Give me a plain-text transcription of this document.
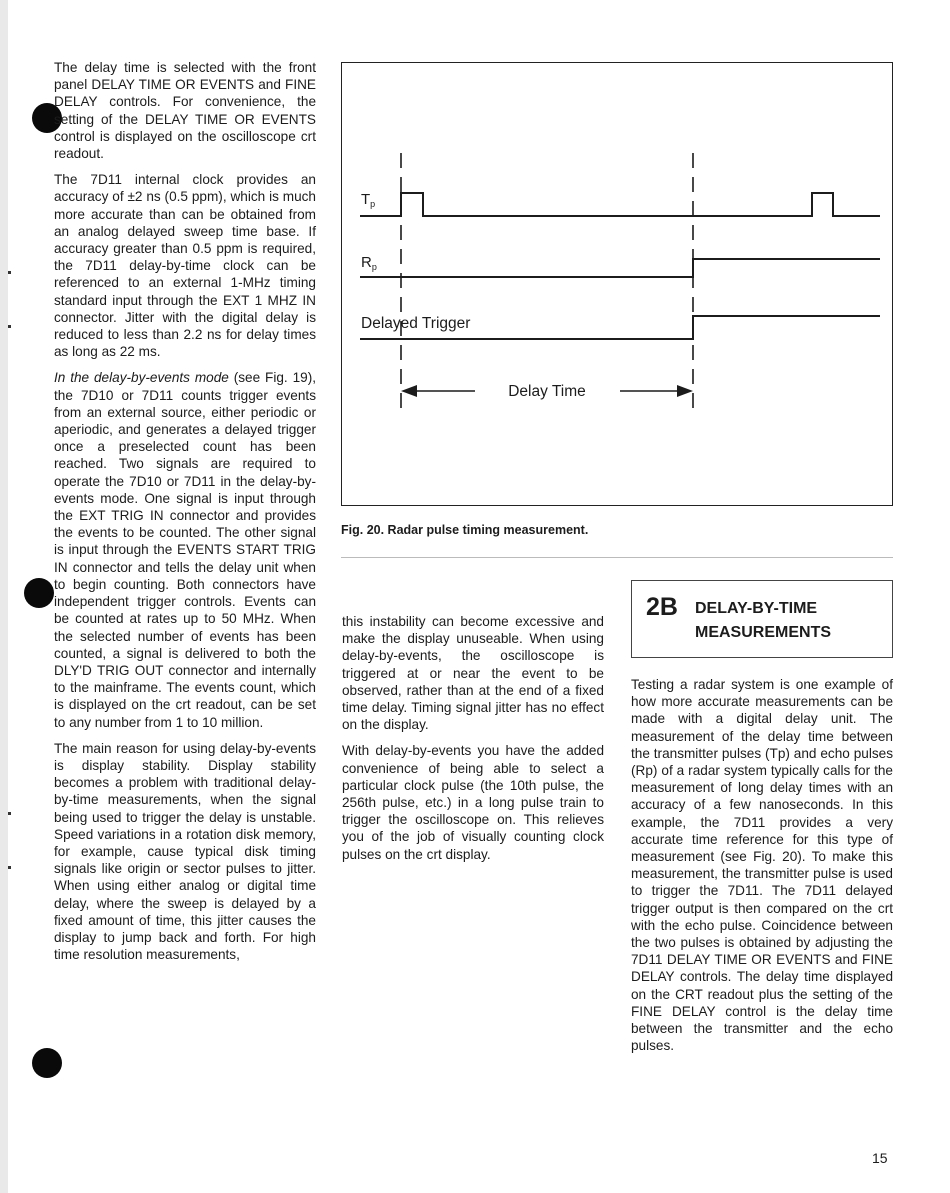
The delay time is selected with the front panel DELAY TIME OR EVENTS and FINE DELAY controls. For convenience, the setting of the DELAY TIME OR EVENTS control is displayed on the oscilloscope crt readout.

The 7D11 internal clock provides an accuracy of ±2 ns (0.5 ppm), which is much more accurate than can be obtained from an analog delayed sweep time base. If accuracy greater than 0.5 ppm is required, the 7D11 delay-by-time clock can be referenced to an external 1-MHz timing standard input through the EXT 1 MHZ IN connector. Jitter with the digital delay is reduced to less than 2.2 ns for delay times as long as 22 ms.

In the delay-by-events mode (see Fig. 19), the 7D10 or 7D11 counts trigger events from an external source, either periodic or aperiodic, and generates a delayed trigger once a preselected count has been reached. Two signals are required to operate the 7D10 or 7D11 in the delay-by-events mode. One signal is input through the EXT TRIG IN connector and provides the events to be counted. The other signal is input through the EVENTS START TRIG IN connector and tells the delay unit when to begin counting. Both connectors have independent trigger controls. Events can be counted at rates up to 50 MHz. When the selected number of events has been counted, a signal is delivered to both the DLY'D TRIG OUT connector and internally to the mainframe. The events count, which is displayed on the crt readout, can be set to any number from 1 to 10 million.

The main reason for using delay-by-events is display stability. Display stability becomes a problem with traditional delay-by-time measurements, when the signal being used to trigger the delay is unstable. Speed variations in a rotation disk memory, for example, cause typical disk timing signals like origin or sector pulses to jitter. When using either analog or digital time delay, where the sweep is delayed by a fixed amount of time, this jitter causes the display to jump back and forth. For high time resolution measurements,

$T_p$
$R_p$
Delayed Trigger
Delay Time
Fig. 20. Radar pulse timing measurement.

this instability can become excessive and make the display unuseable. When using delay-by-events, the oscilloscope is triggered at or near the event to be observed, rather than at the end of a fixed time delay. Timing signal jitter has no effect on the display.

With delay-by-events you have the added convenience of being able to select a particular clock pulse (the 10th pulse, the 256th pulse, etc.) in a long pulse train to trigger the oscilloscope on. This relieves you of the job of visually counting clock pulses on the crt display.

2B DELAY-BY-TIME
MEASUREMENTS

Testing a radar system is one example of how more accurate measurements can be made with a digital delay unit. The measurement of the delay time between the transmitter pulses (Tp) and echo pulses (Rp) of a radar system typically calls for the measurement of long delay times with an accuracy of a few nanoseconds. In this example, the 7D11 provides a very accurate time reference for this type of measurement (see Fig. 20). To make this measurement, the transmitter pulse is used to trigger the 7D11. The 7D11 delayed trigger output is then compared on the crt with the echo pulse. Coincidence between the two pulses is obtained by adjusting the 7D11 DELAY TIME OR EVENTS and FINE DELAY controls. The delay time displayed on the CRT readout plus the setting of the FINE DELAY control is the delay time between the transmitter and the echo pulses.

15
